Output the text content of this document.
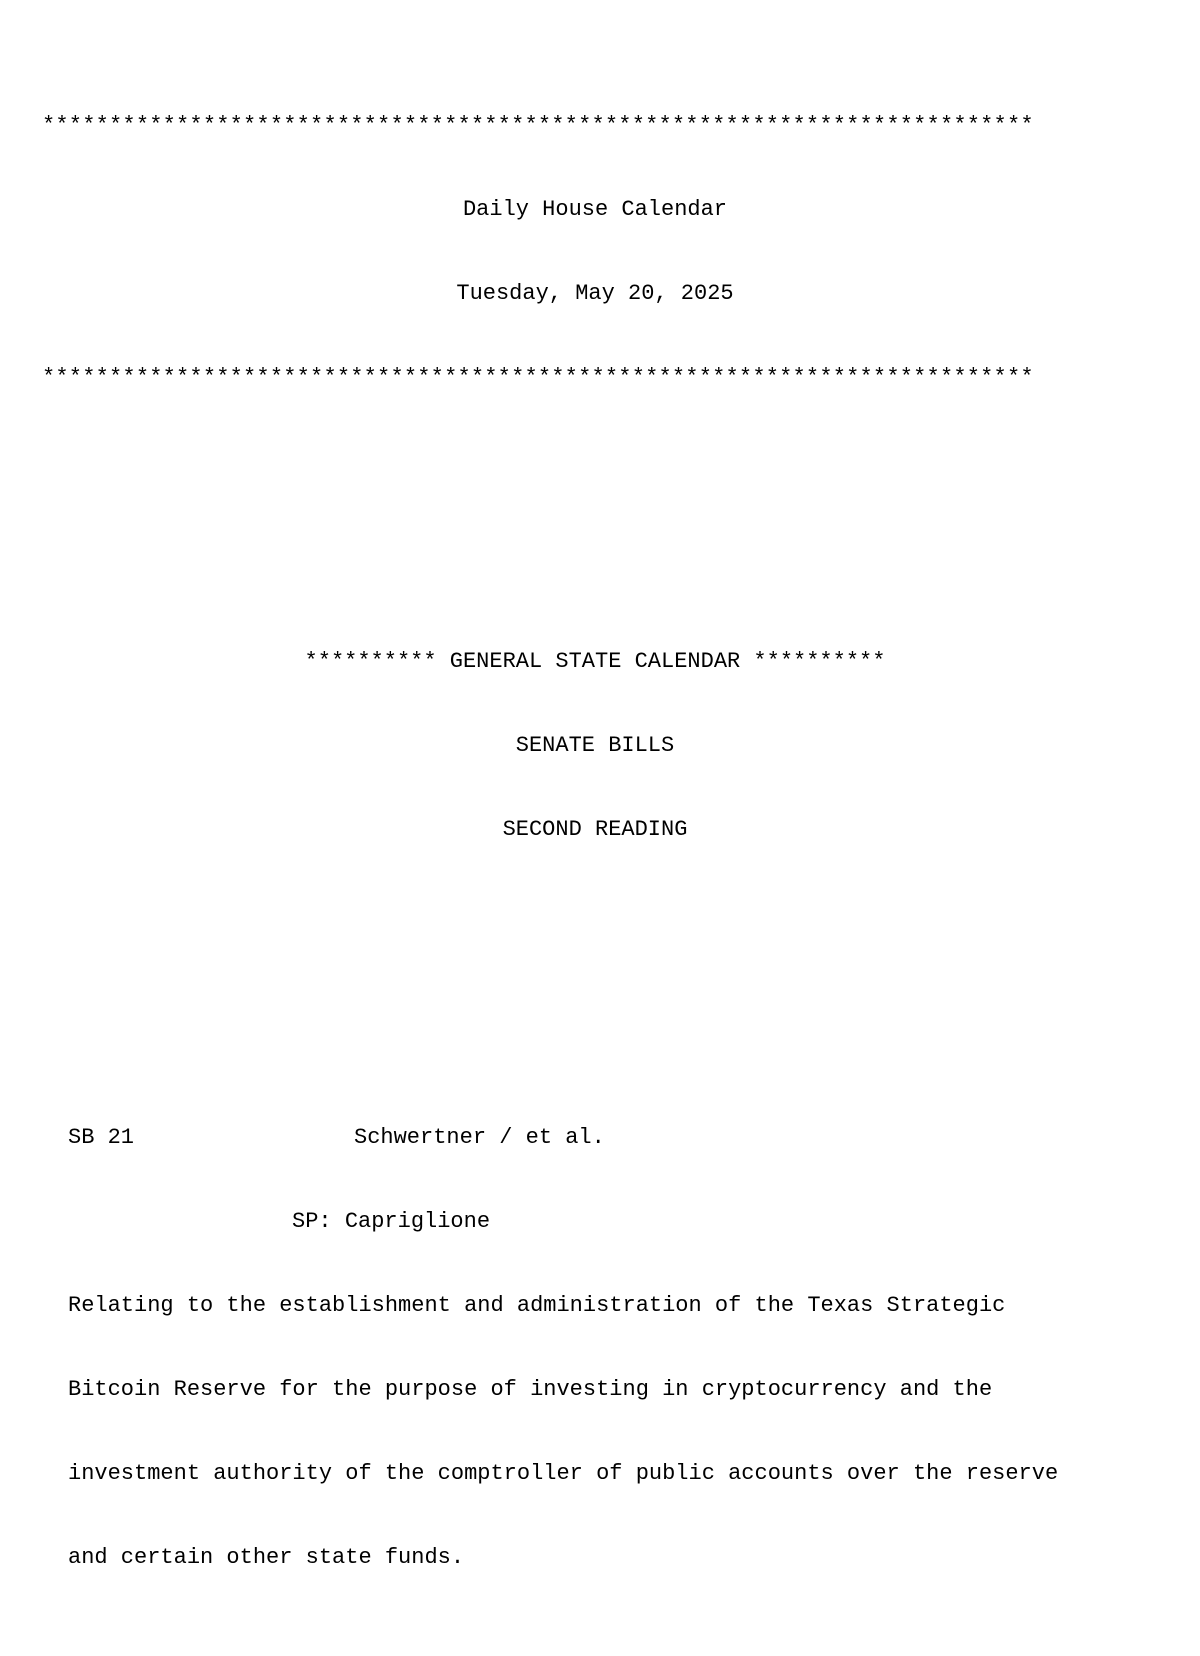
**************************************************************************

Daily House Calendar

Tuesday, May 20, 2025

**************************************************************************

********** GENERAL STATE CALENDAR **********

SENATE BILLS

SECOND READING

SB 21	Schwertner / et al.

SP: Capriglione

Relating to the establishment and administration of the Texas Strategic

Bitcoin Reserve for the purpose of investing in cryptocurrency and the

investment authority of the comptroller of public accounts over the reserve

and certain other state funds.
